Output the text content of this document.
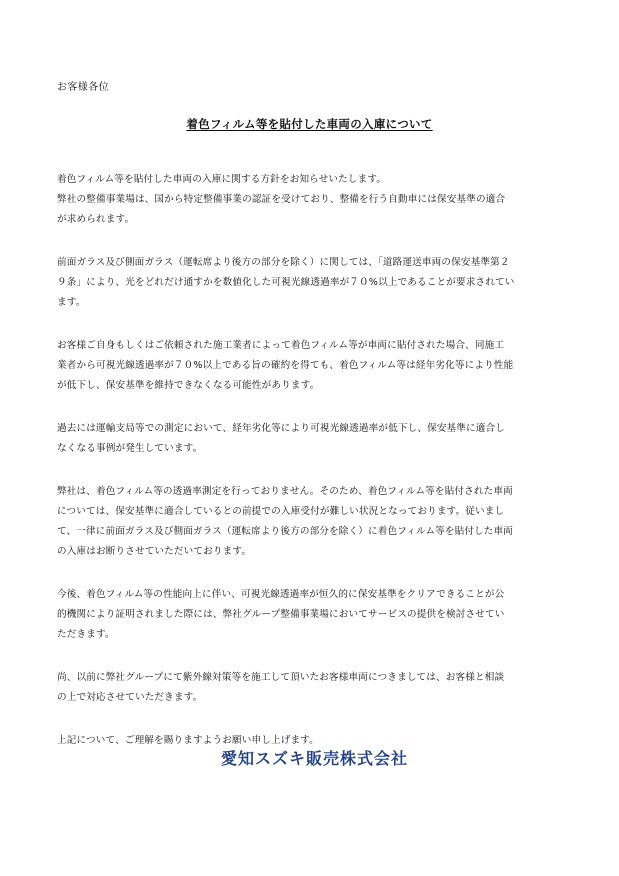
お客様各位
着色フィルム等を貼付した車両の入庫について

着色フィルム等を貼付した車両の入庫に関する方針をお知らせいたします。
弊社の整備事業場は、国から特定整備事業の認証を受けており、整備を行う自動車には保安基準の適合
が求められます。

前面ガラス及び側面ガラス（運転席より後方の部分を除く）に関しては、「道路運送車両の保安基準第２
９条」により、光をどれだけ通すかを数値化した可視光線透過率が７０%以上であることが要求されてい
ます。

お客様ご自身もしくはご依頼された施工業者によって着色フィルム等が車両に貼付された場合、同施工
業者から可視光線透過率が７０%以上である旨の確約を得ても、着色フィルム等は経年劣化等により性能
が低下し、保安基準を維持できなくなる可能性があります。

過去には運輸支局等での測定において、経年劣化等により可視光線透過率が低下し、保安基準に適合し
なくなる事例が発生しています。

弊社は、着色フィルム等の透過率測定を行っておりません。そのため、着色フィルム等を貼付された車両
については、保安基準に適合しているとの前提での入庫受付が難しい状況となっております。従いまし
て、一律に前面ガラス及び側面ガラス（運転席より後方の部分を除く）に着色フィルム等を貼付した車両
の入庫はお断りさせていただいております。

今後、着色フィルム等の性能向上に伴い、可視光線透過率が恒久的に保安基準をクリアできることが公
的機関により証明されました際には、弊社グループ整備事業場においてサービスの提供を検討させてい
ただきます。

尚、以前に弊社グループにて紫外線対策等を施工して頂いたお客様車両につきましては、お客様と相談
の上で対応させていただきます。

上記について、ご理解を賜りますようお願い申し上げます。

愛知スズキ販売株式会社
